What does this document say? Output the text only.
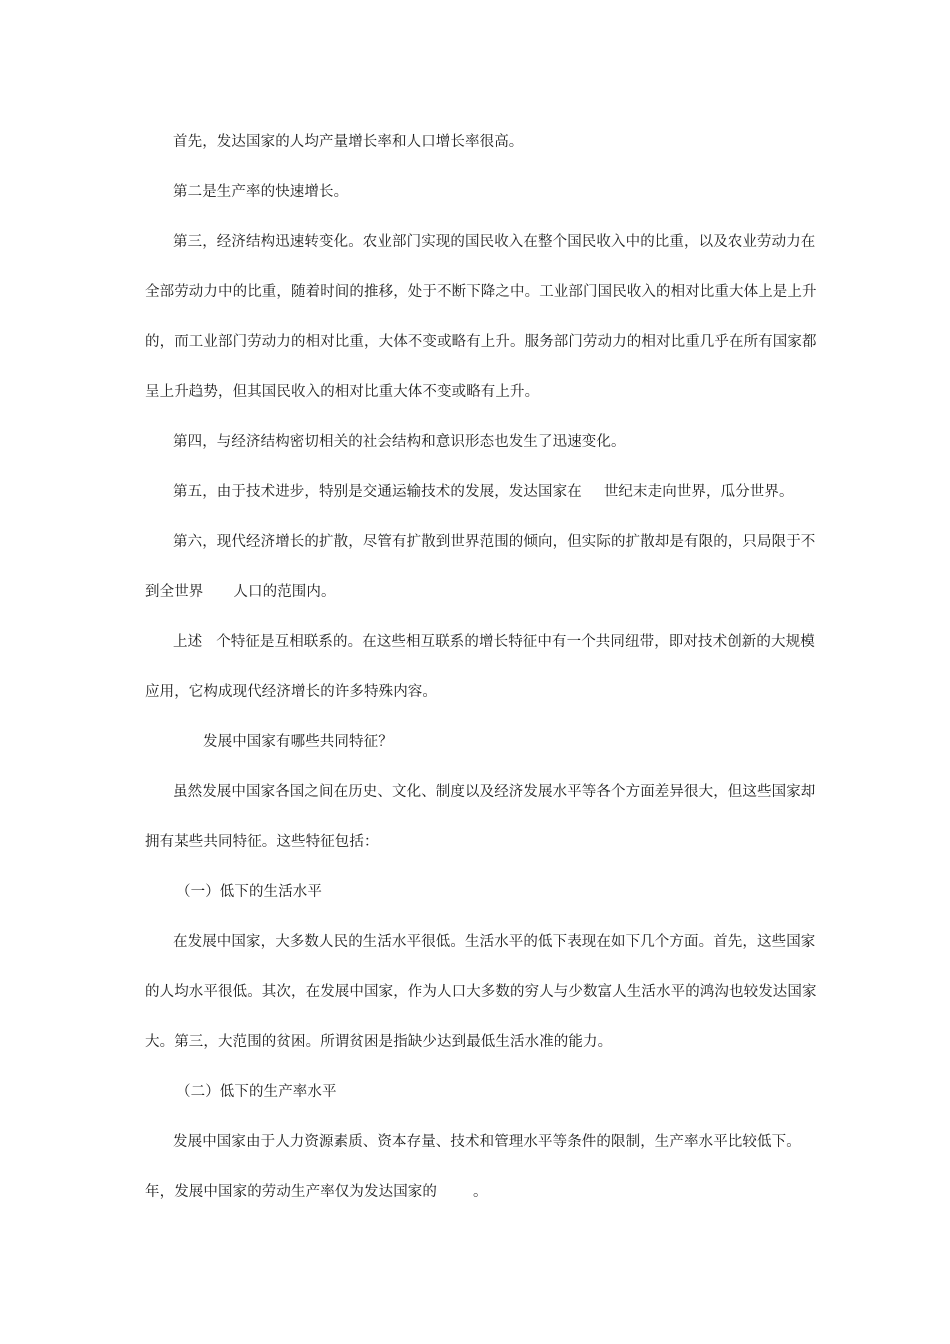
首先，发达国家的人均产量增长率和人口增长率很高。
第二是生产率的快速增长。
第三，经济结构迅速转变化。农业部门实现的国民收入在整个国民收入中的比重，以及农业劳动力在
全部劳动力中的比重，随着时间的推移，处于不断下降之中。工业部门国民收入的相对比重大体上是上升
的，而工业部门劳动力的相对比重，大体不变或略有上升。服务部门劳动力的相对比重几乎在所有国家都
呈上升趋势，但其国民收入的相对比重大体不变或略有上升。
第四，与经济结构密切相关的社会结构和意识形态也发生了迅速变化。
第五，由于技术进步，特别是交通运输技术的发展，发达国家在 世纪末走向世界，瓜分世界。
第六，现代经济增长的扩散，尽管有扩散到世界范围的倾向，但实际的扩散却是有限的，只局限于不
到全世界 人口的范围内。
上述 个特征是互相联系的。在这些相互联系的增长特征中有一个共同纽带，即对技术创新的大规模
应用，它构成现代经济增长的许多特殊内容。
发展中国家有哪些共同特征？
虽然发展中国家各国之间在历史、文化、制度以及经济发展水平等各个方面差异很大，但这些国家却
拥有某些共同特征。这些特征包括：
（一）低下的生活水平
在发展中国家，大多数人民的生活水平很低。生活水平的低下表现在如下几个方面。首先，这些国家
的人均水平很低。其次，在发展中国家，作为人口大多数的穷人与少数富人生活水平的鸿沟也较发达国家
大。第三，大范围的贫困。所谓贫困是指缺少达到最低生活水准的能力。
（二）低下的生产率水平
发展中国家由于人力资源素质、资本存量、技术和管理水平等条件的限制，生产率水平比较低下。
年，发展中国家的劳动生产率仅为发达国家的 。
